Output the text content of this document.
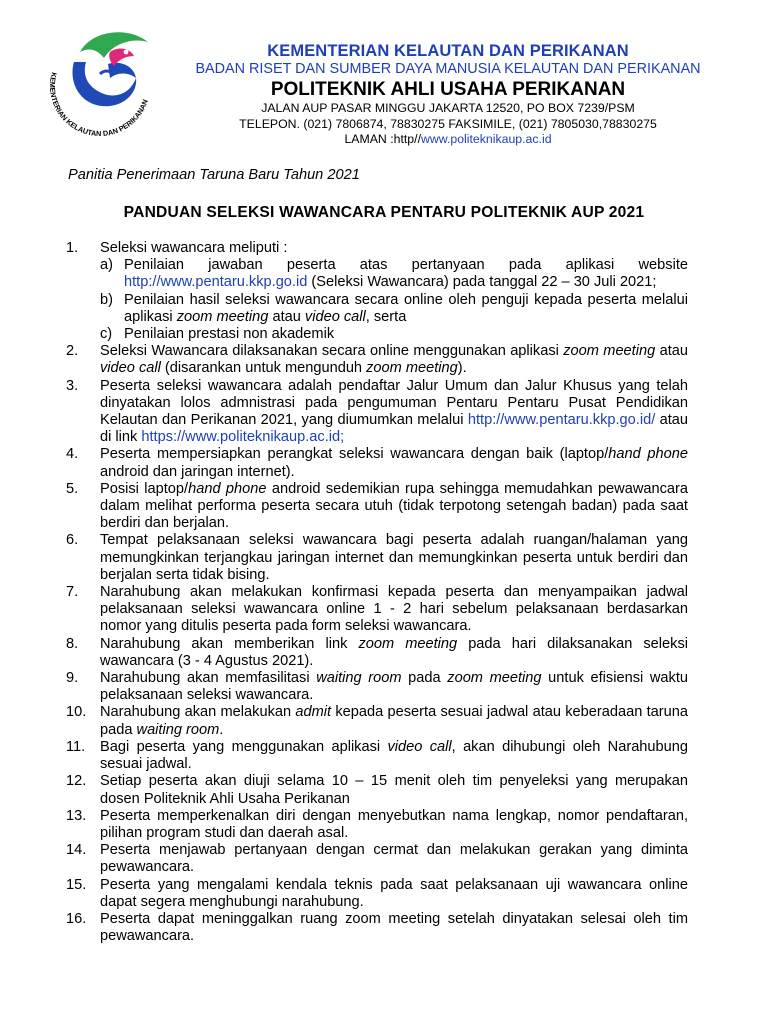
KEMENTERIAN KELAUTAN DAN PERIKANAN
KEMENTERIAN KELAUTAN DAN PERIKANAN
BADAN RISET DAN SUMBER DAYA MANUSIA KELAUTAN DAN PERIKANAN
POLITEKNIK AHLI USAHA PERIKANAN
JALAN AUP PASAR MINGGU JAKARTA 12520, PO BOX 7239/PSM
TELEPON. (021) 7806874, 78830275 FAKSIMILE, (021) 7805030,78830275
LAMAN :http//www.politeknikaup.ac.id
Panitia Penerimaan Taruna Baru Tahun 2021
PANDUAN SELEKSI WAWANCARA PENTARU POLITEKNIK AUP 2021
1. Seleksi wawancara meliputi :
a) Penilaian jawaban peserta atas pertanyaan pada aplikasi website http://www.pentaru.kkp.go.id (Seleksi Wawancara) pada tanggal 22 – 30 Juli 2021;
b) Penilaian hasil seleksi wawancara secara online oleh penguji kepada peserta melalui aplikasi zoom meeting atau video call, serta
c) Penilaian prestasi non akademik
2. Seleksi Wawancara dilaksanakan secara online menggunakan aplikasi zoom meeting atau video call (disarankan untuk mengunduh zoom meeting).
3. Peserta seleksi wawancara adalah pendaftar Jalur Umum dan Jalur Khusus yang telah dinyatakan lolos admnistrasi pada pengumuman Pentaru Pentaru Pusat Pendidikan Kelautan dan Perikanan 2021, yang diumumkan melalui http://www.pentaru.kkp.go.id/ atau di link https://www.politeknikaup.ac.id;
4. Peserta mempersiapkan perangkat seleksi wawancara dengan baik (laptop/hand phone android dan jaringan internet).
5. Posisi laptop/hand phone android sedemikian rupa sehingga memudahkan pewawancara dalam melihat performa peserta secara utuh (tidak terpotong setengah badan) pada saat berdiri dan berjalan.
6. Tempat pelaksanaan seleksi wawancara bagi peserta adalah ruangan/halaman yang memungkinkan terjangkau jaringan internet dan memungkinkan peserta untuk berdiri dan berjalan serta tidak bising.
7. Narahubung akan melakukan konfirmasi kepada peserta dan menyampaikan jadwal pelaksanaan seleksi wawancara online 1 - 2 hari sebelum pelaksanaan berdasarkan nomor yang ditulis peserta pada form seleksi wawancara.
8. Narahubung akan memberikan link zoom meeting pada hari dilaksanakan seleksi wawancara (3 - 4 Agustus 2021).
9. Narahubung akan memfasilitasi waiting room pada zoom meeting untuk efisiensi waktu pelaksanaan seleksi wawancara.
10. Narahubung akan melakukan admit kepada peserta sesuai jadwal atau keberadaan taruna pada waiting room.
11. Bagi peserta yang menggunakan aplikasi video call, akan dihubungi oleh Narahubung sesuai jadwal.
12. Setiap peserta akan diuji selama 10 – 15 menit oleh tim penyeleksi yang merupakan dosen Politeknik Ahli Usaha Perikanan
13. Peserta memperkenalkan diri dengan menyebutkan nama lengkap, nomor pendaftaran, pilihan program studi dan daerah asal.
14. Peserta menjawab pertanyaan dengan cermat dan melakukan gerakan yang diminta pewawancara.
15. Peserta yang mengalami kendala teknis pada saat pelaksanaan uji wawancara online dapat segera menghubungi narahubung.
16. Peserta dapat meninggalkan ruang zoom meeting setelah dinyatakan selesai oleh tim pewawancara.
